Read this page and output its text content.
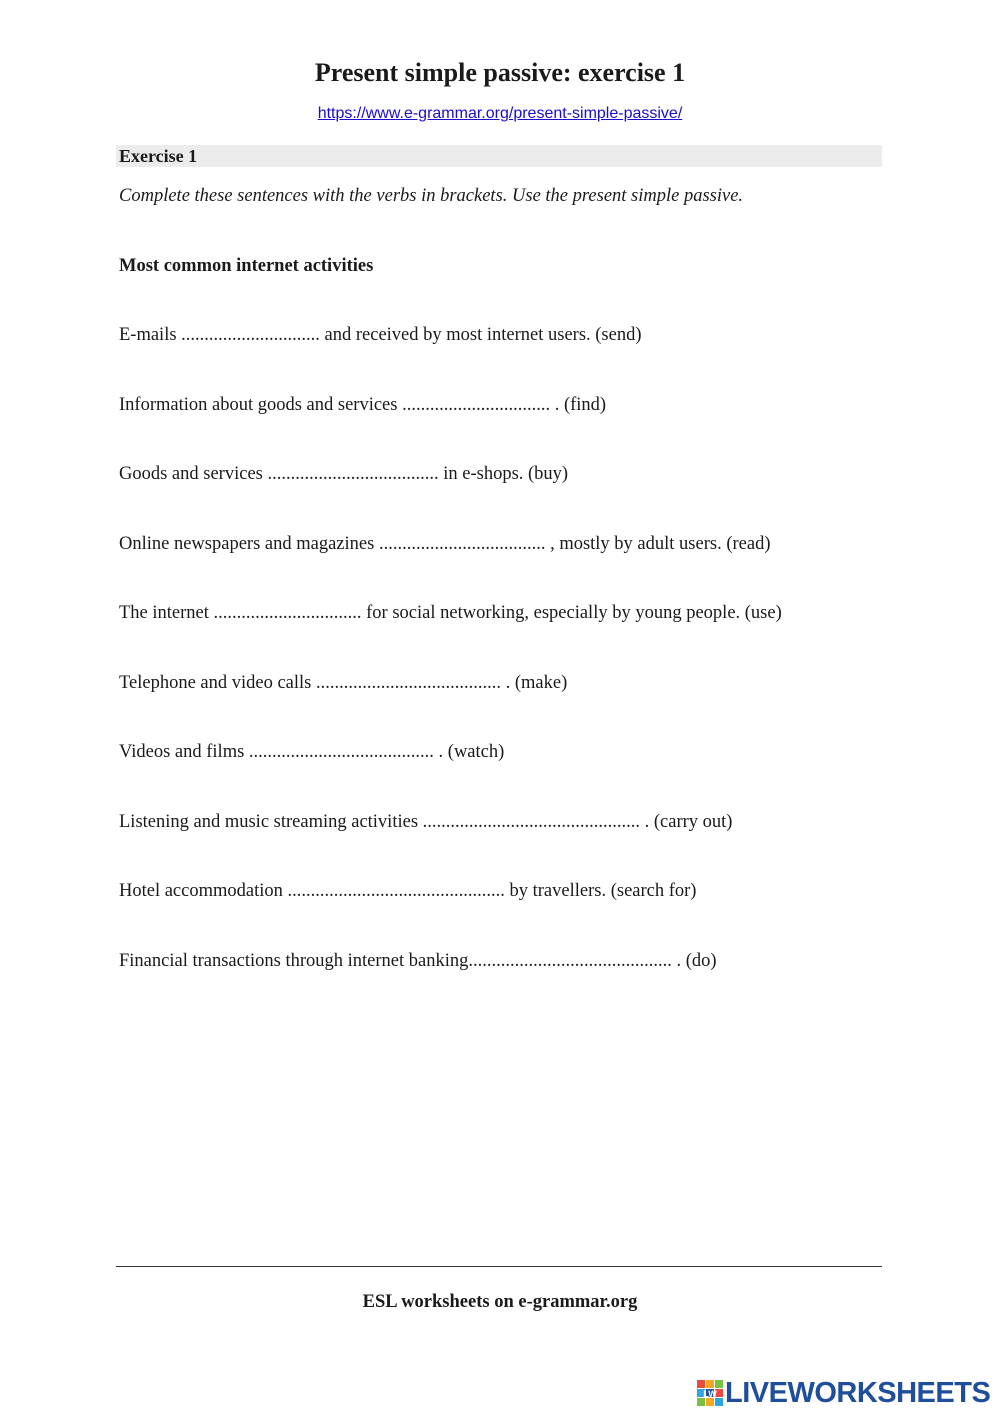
Present simple passive: exercise 1
https://www.e-grammar.org/present-simple-passive/
Exercise 1
Complete these sentences with the verbs in brackets. Use the present simple passive.
Most common internet activities
E-mails .............................. and received by most internet users. (send)
Information about goods and services ................................ . (find)
Goods and services ..................................... in e-shops. (buy)
Online newspapers and magazines .................................... , mostly by adult users. (read)
The internet ................................ for social networking, especially by young people. (use)
Telephone and video calls ........................................ . (make)
Videos and films ........................................ . (watch)
Listening and music streaming activities ............................................... . (carry out)
Hotel accommodation ............................................... by travellers. (search for)
Financial transactions through internet banking............................................ . (do)
ESL worksheets on e-grammar.org
LW LIVEWORKSHEETS
